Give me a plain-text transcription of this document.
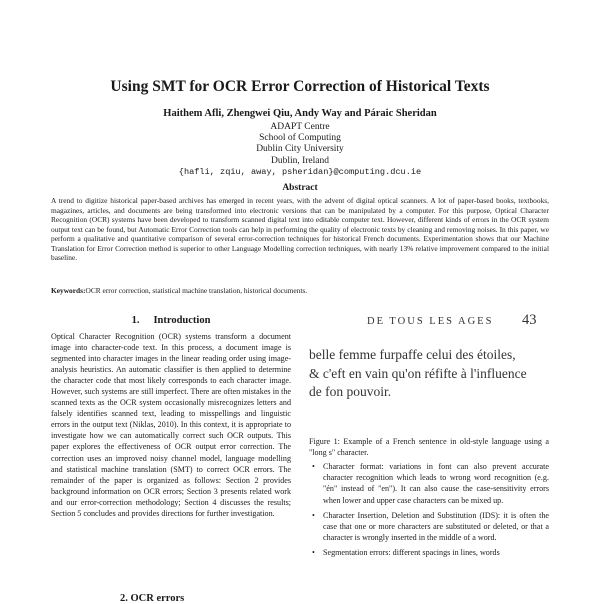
Using SMT for OCR Error Correction of Historical Texts
Haithem Afli, Zhengwei Qiu, Andy Way and Páraic Sheridan
ADAPT Centre
School of Computing
Dublin City University
Dublin, Ireland
{hafli, zqiu, away, psheridan}@computing.dcu.ie
Abstract
A trend to digitize historical paper-based archives has emerged in recent years, with the advent of digital optical scanners. A lot of paper-based books, textbooks, magazines, articles, and documents are being transformed into electronic versions that can be manipulated by a computer. For this purpose, Optical Character Recognition (OCR) systems have been developed to transform scanned digital text into editable computer text. However, different kinds of errors in the OCR system output text can be found, but Automatic Error Correction tools can help in performing the quality of electronic texts by cleaning and removing noises. In this paper, we perform a qualitative and quantitative comparison of several error-correction techniques for historical French documents. Experimentation shows that our Machine Translation for Error Correction method is superior to other Language Modelling correction techniques, with nearly 13% relative improvement compared to the initial baseline.
Keywords:OCR error correction, statistical machine translation, historical documents.
1. Introduction
Optical Character Recognition (OCR) systems transform a document image into character-code text. In this process, a document image is segmented into character images in the linear reading order using image-analysis heuristics. An automatic classifier is then applied to determine the character code that most likely corresponds to each character image. However, such systems are still imperfect. There are often mistakes in the scanned texts as the OCR system occasionally misrecognizes letters and falsely identifies scanned text, leading to misspellings and linguistic errors in the output text (Niklas, 2010). In this context, it is appropriate to investigate how we can automatically correct such OCR outputs. This paper explores the effectiveness of OCR output error correction. The correction uses an improved noisy channel model, language modelling and statistical machine translation (SMT) to correct OCR errors. The remainder of the paper is organized as follows: Section 2 provides background information on OCR errors; Section 3 presents related work and our error-correction methodology; Section 4 discusses the results; Section 5 concludes and provides directions for further investigation.
2. OCR errors
DE TOUS LES AGES 43
belle femme furpaffe celui des étoiles,
& c'eft en vain qu'on réfifte à l'influence
de fon pouvoir.
Figure 1: Example of a French sentence in old-style language using a "long s" character.
• Character format: variations in font can also prevent accurate character recognition which leads to wrong word recognition (e.g. "én" instead of "en"). It can also cause the case-sensitivity errors when lower and upper case characters can be mixed up.
• Character Insertion, Deletion and Substitution (IDS): it is often the case that one or more characters are substituted or deleted, or that a character is wrongly inserted in the middle of a word.
• Segmentation errors: different spacings in lines, words
